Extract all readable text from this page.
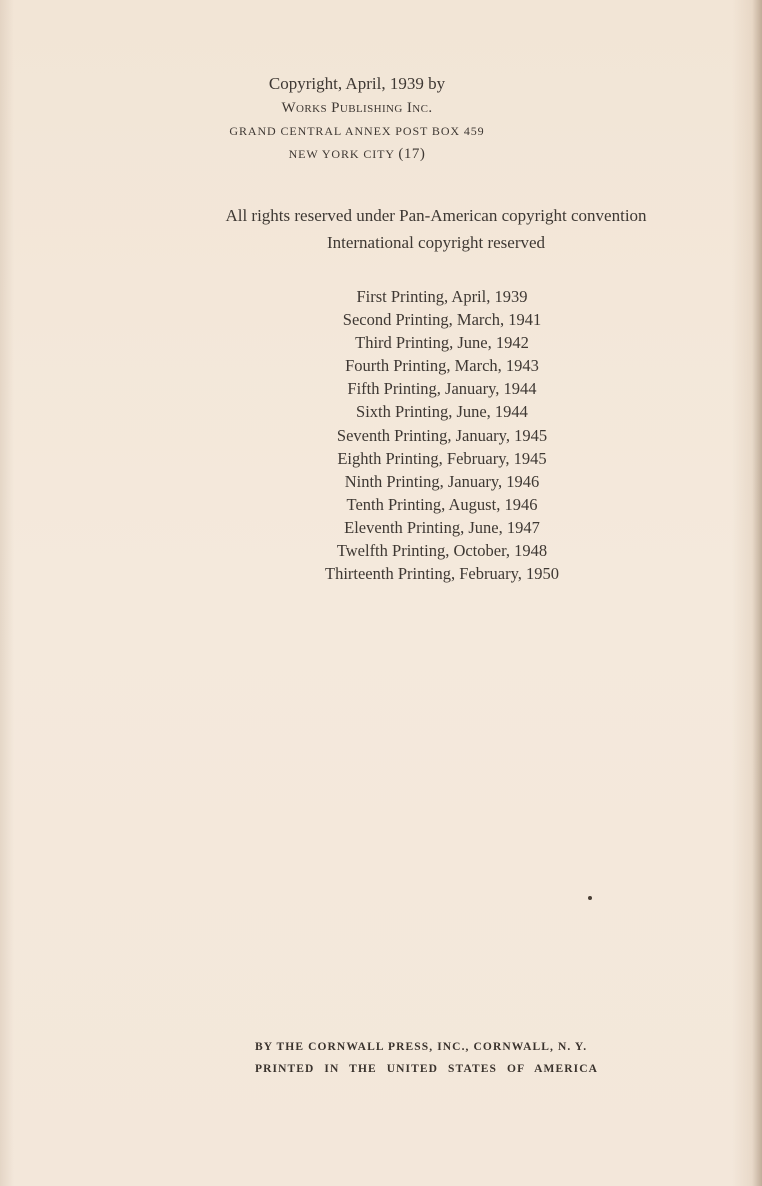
Copyright, April, 1939 by
Works Publishing Inc.
GRAND CENTRAL ANNEX POST BOX 459
NEW YORK CITY (17)
All rights reserved under Pan-American copyright convention
International copyright reserved
First Printing, April, 1939
Second Printing, March, 1941
Third Printing, June, 1942
Fourth Printing, March, 1943
Fifth Printing, January, 1944
Sixth Printing, June, 1944
Seventh Printing, January, 1945
Eighth Printing, February, 1945
Ninth Printing, January, 1946
Tenth Printing, August, 1946
Eleventh Printing, June, 1947
Twelfth Printing, October, 1948
Thirteenth Printing, February, 1950
BY THE CORNWALL PRESS, INC., CORNWALL, N. Y.
PRINTED IN THE UNITED STATES OF AMERICA
